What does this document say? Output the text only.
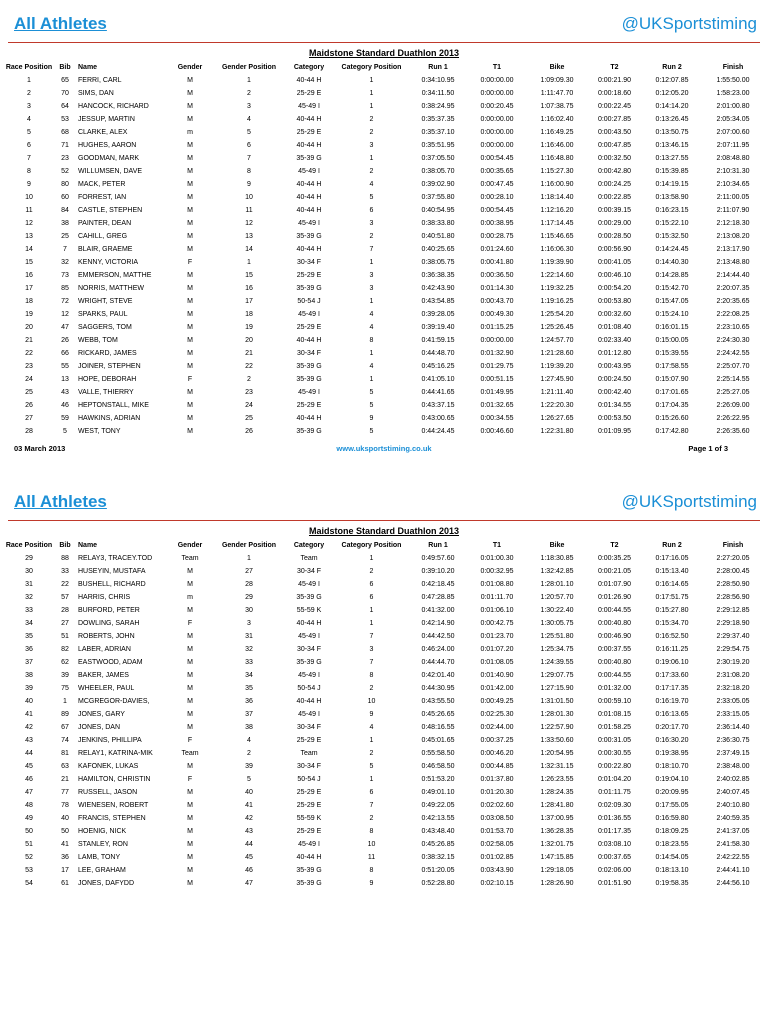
All Athletes	@UKSportstiming
Maidstone Standard Duathlon 2013
Race Position	Bib	Name	Gender	Gender Position	Category	Category Position	Run 1	T1	Bike	T2	Run 2	Finish
1	65	FERRI, CARL	M	1	40-44 H	1	0:34:10.95	0:00:00.00	1:09:09.30	0:00:21.90	0:12:07.85	1:55:50.00
2	70	SIMS, DAN	M	2	25-29 E	1	0:34:11.50	0:00:00.00	1:11:47.70	0:00:18.60	0:12:05.20	1:58:23.00
3	64	HANCOCK, RICHARD	M	3	45-49 I	1	0:38:24.95	0:00:20.45	1:07:38.75	0:00:22.45	0:14:14.20	2:01:00.80
4	53	JESSUP, MARTIN	M	4	40-44 H	2	0:35:37.35	0:00:00.00	1:16:02.40	0:00:27.85	0:13:26.45	2:05:34.05
5	68	CLARKE, ALEX	m	5	25-29 E	2	0:35:37.10	0:00:00.00	1:16:49.25	0:00:43.50	0:13:50.75	2:07:00.60
6	71	HUGHES, AARON	M	6	40-44 H	3	0:35:51.95	0:00:00.00	1:16:46.00	0:00:47.85	0:13:46.15	2:07:11.95
7	23	GOODMAN, MARK	M	7	35-39 G	1	0:37:05.50	0:00:54.45	1:16:48.80	0:00:32.50	0:13:27.55	2:08:48.80
8	52	WILLUMSEN, DAVE	M	8	45-49 I	2	0:38:05.70	0:00:35.65	1:15:27.30	0:00:42.80	0:15:39.85	2:10:31.30
9	80	MACK, PETER	M	9	40-44 H	4	0:39:02.90	0:00:47.45	1:16:00.90	0:00:24.25	0:14:19.15	2:10:34.65
10	60	FORREST, IAN	M	10	40-44 H	5	0:37:55.80	0:00:28.10	1:18:14.40	0:00:22.85	0:13:58.90	2:11:00.05
11	84	CASTLE, STEPHEN	M	11	40-44 H	6	0:40:54.95	0:00:54.45	1:12:16.20	0:00:39.15	0:16:23.15	2:11:07.90
12	38	PAINTER, DEAN	M	12	45-49 I	3	0:38:33.80	0:00:38.95	1:17:14.45	0:00:29.00	0:15:22.10	2:12:18.30
13	25	CAHILL, GREG	M	13	35-39 G	2	0:40:51.80	0:00:28.75	1:15:46.65	0:00:28.50	0:15:32.50	2:13:08.20
14	7	BLAIR, GRAEME	M	14	40-44 H	7	0:40:25.65	0:01:24.60	1:16:06.30	0:00:56.90	0:14:24.45	2:13:17.90
15	32	KENNY, VICTORIA	F	1	30-34 F	1	0:38:05.75	0:00:41.80	1:19:39.90	0:00:41.05	0:14:40.30	2:13:48.80
16	73	EMMERSON, MATTHE	M	15	25-29 E	3	0:36:38.35	0:00:36.50	1:22:14.60	0:00:46.10	0:14:28.85	2:14:44.40
17	85	NORRIS, MATTHEW	M	16	35-39 G	3	0:42:43.90	0:01:14.30	1:19:32.25	0:00:54.20	0:15:42.70	2:20:07.35
18	72	WRIGHT, STEVE	M	17	50-54 J	1	0:43:54.85	0:00:43.70	1:19:16.25	0:00:53.80	0:15:47.05	2:20:35.65
19	12	SPARKS, PAUL	M	18	45-49 I	4	0:39:28.05	0:00:49.30	1:25:54.20	0:00:32.60	0:15:24.10	2:22:08.25
20	47	SAGGERS, TOM	M	19	25-29 E	4	0:39:19.40	0:01:15.25	1:25:26.45	0:01:08.40	0:16:01.15	2:23:10.65
21	26	WEBB, TOM	M	20	40-44 H	8	0:41:59.15	0:00:00.00	1:24:57.70	0:02:33.40	0:15:00.05	2:24:30.30
22	66	RICKARD, JAMES	M	21	30-34 F	1	0:44:48.70	0:01:32.90	1:21:28.60	0:01:12.80	0:15:39.55	2:24:42.55
23	55	JOINER, STEPHEN	M	22	35-39 G	4	0:45:16.25	0:01:29.75	1:19:39.20	0:00:43.95	0:17:58.55	2:25:07.70
24	13	HOPE, DEBORAH	F	2	35-39 G	1	0:41:05.10	0:00:51.15	1:27:45.90	0:00:24.50	0:15:07.90	2:25:14.55
25	43	VALLE, THIERRY	M	23	45-49 I	5	0:44:41.65	0:01:49.95	1:21:11.40	0:00:42.40	0:17:01.65	2:25:27.05
26	46	HEPTONSTALL, MIKE	M	24	25-29 E	5	0:43:37.15	0:01:32.65	1:22:20.30	0:01:34.55	0:17:04.35	2:26:09.00
27	59	HAWKINS, ADRIAN	M	25	40-44 H	9	0:43:00.65	0:00:34.55	1:26:27.65	0:00:53.50	0:15:26.60	2:26:22.95
28	5	WEST, TONY	M	26	35-39 G	5	0:44:24.45	0:00:46.60	1:22:31.80	0:01:09.95	0:17:42.80	2:26:35.60
03 March 2013	www.uksportstiming.co.uk	Page 1 of 3
All Athletes	@UKSportstiming
Maidstone Standard Duathlon 2013
Race Position	Bib	Name	Gender	Gender Position	Category	Category Position	Run 1	T1	Bike	T2	Run 2	Finish
29	88	RELAY3, TRACEY.TOD	Team	1	Team	1	0:49:57.60	0:01:00.30	1:18:30.85	0:00:35.25	0:17:16.05	2:27:20.05
30	33	HUSEYIN, MUSTAFA	M	27	30-34 F	2	0:39:10.20	0:00:32.95	1:32:42.85	0:00:21.05	0:15:13.40	2:28:00.45
31	22	BUSHELL, RICHARD	M	28	45-49 I	6	0:42:18.45	0:01:08.80	1:28:01.10	0:01:07.90	0:16:14.65	2:28:50.90
32	57	HARRIS, CHRIS	m	29	35-39 G	6	0:47:28.85	0:01:11.70	1:20:57.70	0:01:26.90	0:17:51.75	2:28:56.90
33	28	BURFORD, PETER	M	30	55-59 K	1	0:41:32.00	0:01:06.10	1:30:22.40	0:00:44.55	0:15:27.80	2:29:12.85
34	27	DOWLING, SARAH	F	3	40-44 H	1	0:42:14.90	0:00:42.75	1:30:05.75	0:00:40.80	0:15:34.70	2:29:18.90
35	51	ROBERTS, JOHN	M	31	45-49 I	7	0:44:42.50	0:01:23.70	1:25:51.80	0:00:46.90	0:16:52.50	2:29:37.40
36	82	LABER, ADRIAN	M	32	30-34 F	3	0:46:24.00	0:01:07.20	1:25:34.75	0:00:37.55	0:16:11.25	2:29:54.75
37	62	EASTWOOD, ADAM	M	33	35-39 G	7	0:44:44.70	0:01:08.05	1:24:39.55	0:00:40.80	0:19:06.10	2:30:19.20
38	39	BAKER, JAMES	M	34	45-49 I	8	0:42:01.40	0:01:40.90	1:29:07.75	0:00:44.55	0:17:33.60	2:31:08.20
39	75	WHEELER, PAUL	M	35	50-54 J	2	0:44:30.95	0:01:42.00	1:27:15.90	0:01:32.00	0:17:17.35	2:32:18.20
40	1	MCGREGOR-DAVIES,	M	36	40-44 H	10	0:43:55.50	0:00:49.25	1:31:01.50	0:00:59.10	0:16:19.70	2:33:05.05
41	89	JONES, GARY	M	37	45-49 I	9	0:45:26.65	0:02:25.30	1:28:01.30	0:01:08.15	0:16:13.65	2:33:15.05
42	67	JONES, DAN	M	38	30-34 F	4	0:48:16.55	0:02:44.00	1:22:57.90	0:01:58.25	0:20:17.70	2:36:14.40
43	74	JENKINS, PHILLIPA	F	4	25-29 E	1	0:45:01.65	0:00:37.25	1:33:50.60	0:00:31.05	0:16:30.20	2:36:30.75
44	81	RELAY1, KATRINA-MIK	Team	2	Team	2	0:55:58.50	0:00:46.20	1:20:54.95	0:00:30.55	0:19:38.95	2:37:49.15
45	63	KAFONEK, LUKAS	M	39	30-34 F	5	0:46:58.50	0:00:44.85	1:32:31.15	0:00:22.80	0:18:10.70	2:38:48.00
46	21	HAMILTON, CHRISTIN	F	5	50-54 J	1	0:51:53.20	0:01:37.80	1:26:23.55	0:01:04.20	0:19:04.10	2:40:02.85
47	77	RUSSELL, JASON	M	40	25-29 E	6	0:49:01.10	0:01:20.30	1:28:24.35	0:01:11.75	0:20:09.95	2:40:07.45
48	78	WIENESEN, ROBERT	M	41	25-29 E	7	0:49:22.05	0:02:02.60	1:28:41.80	0:02:09.30	0:17:55.05	2:40:10.80
49	40	FRANCIS, STEPHEN	M	42	55-59 K	2	0:42:13.55	0:03:08.50	1:37:00.95	0:01:36.55	0:16:59.80	2:40:59.35
50	50	HOENIG, NICK	M	43	25-29 E	8	0:43:48.40	0:01:53.70	1:36:28.35	0:01:17.35	0:18:09.25	2:41:37.05
51	41	STANLEY, RON	M	44	45-49 I	10	0:45:26.85	0:02:58.05	1:32:01.75	0:03:08.10	0:18:23.55	2:41:58.30
52	36	LAMB, TONY	M	45	40-44 H	11	0:38:32.15	0:01:02.85	1:47:15.85	0:00:37.65	0:14:54.05	2:42:22.55
53	17	LEE, GRAHAM	M	46	35-39 G	8	0:51:20.05	0:03:43.90	1:29:18.05	0:02:06.00	0:18:13.10	2:44:41.10
54	61	JONES, DAFYDD	M	47	35-39 G	9	0:52:28.80	0:02:10.15	1:28:26.90	0:01:51.90	0:19:58.35	2:44:56.10
